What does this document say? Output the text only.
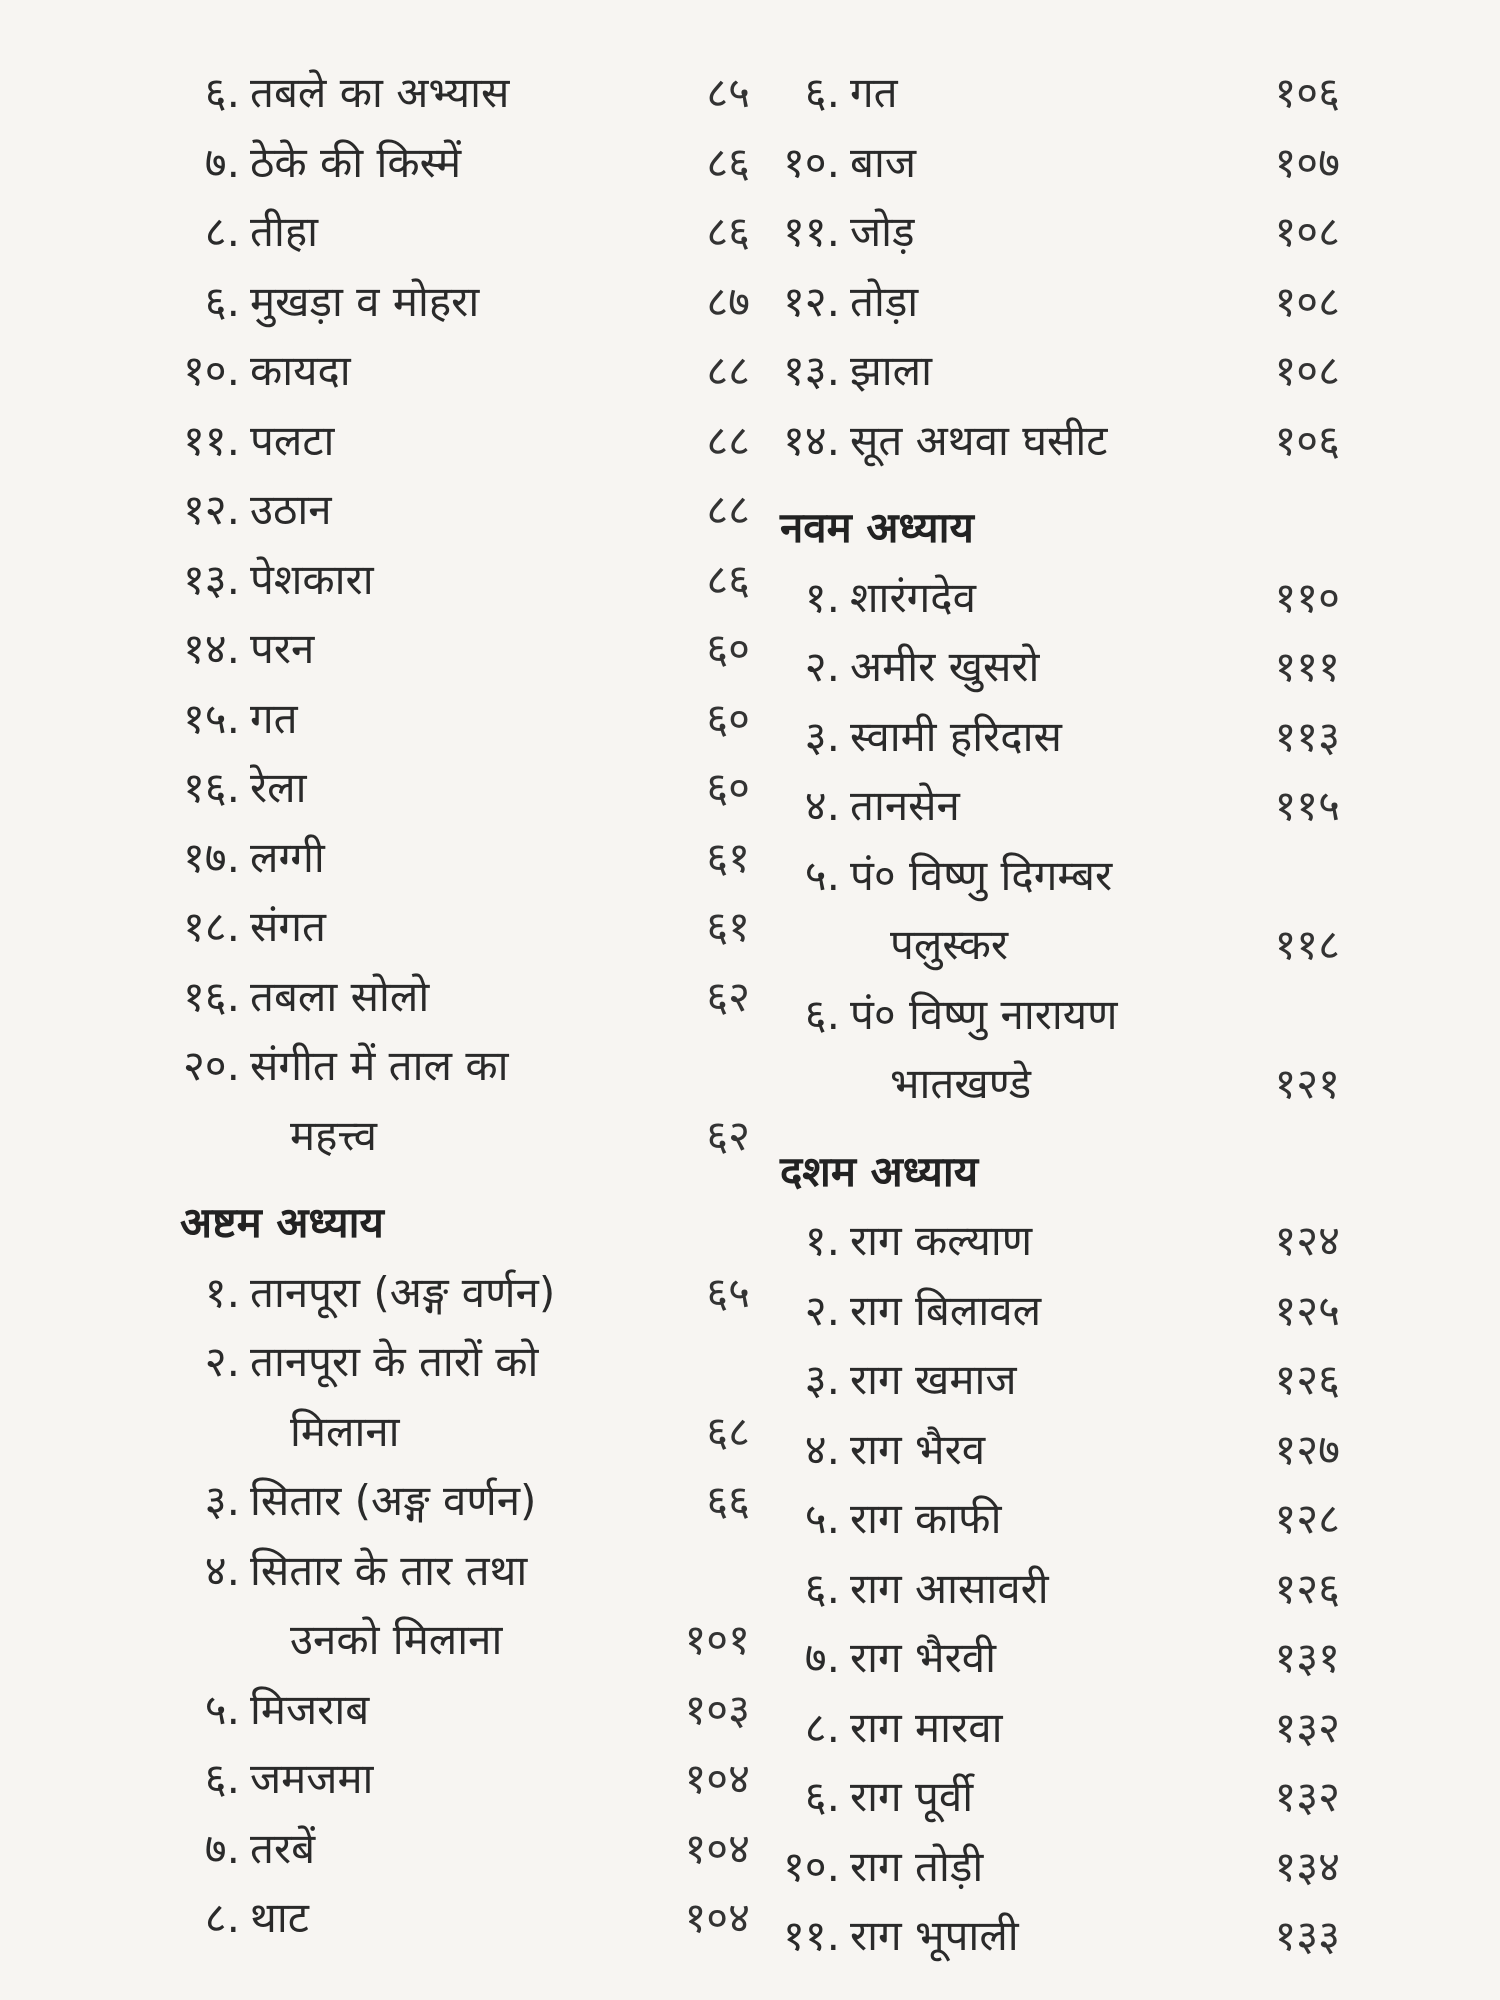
६. तबले का अभ्यास	८५
७. ठेके की किस्में	८६
८. तीहा	८६
६. मुखड़ा व मोहरा	८७
१०. कायदा	८८
११. पलटा	८८
१२. उठान	८८
१३. पेशकारा	८६
१४. परन	६०
१५. गत	६०
१६. रेला	६०
१७. लग्गी	६१
१८. संगत	६१
१६. तबला सोलो	६२
२०. संगीत में ताल का
महत्त्व	६२
अष्टम अध्याय
१. तानपूरा (अङ्ग वर्णन)	६५
२. तानपूरा के तारों को
मिलाना	६८
३. सितार (अङ्ग वर्णन)	६६
४. सितार के तार तथा
उनको मिलाना	१०१
५. मिजराब	१०३
६. जमजमा	१०४
७. तरबें	१०४
८. थाट	१०४
६. गत	१०६
१०. बाज	१०७
११. जोड़	१०८
१२. तोड़ा	१०८
१३. झाला	१०८
१४. सूत अथवा घसीट	१०६
नवम अध्याय
१. शारंगदेव	११०
२. अमीर खुसरो	१११
३. स्वामी हरिदास	११३
४. तानसेन	११५
५. पं० विष्णु दिगम्बर
पलुस्कर	११८
६. पं० विष्णु नारायण
भातखण्डे	१२१
दशम अध्याय
१. राग कल्याण	१२४
२. राग बिलावल	१२५
३. राग खमाज	१२६
४. राग भैरव	१२७
५. राग काफी	१२८
६. राग आसावरी	१२६
७. राग भैरवी	१३१
८. राग मारवा	१३२
६. राग पूर्वी	१३२
१०. राग तोड़ी	१३४
११. राग भूपाली	१३३
